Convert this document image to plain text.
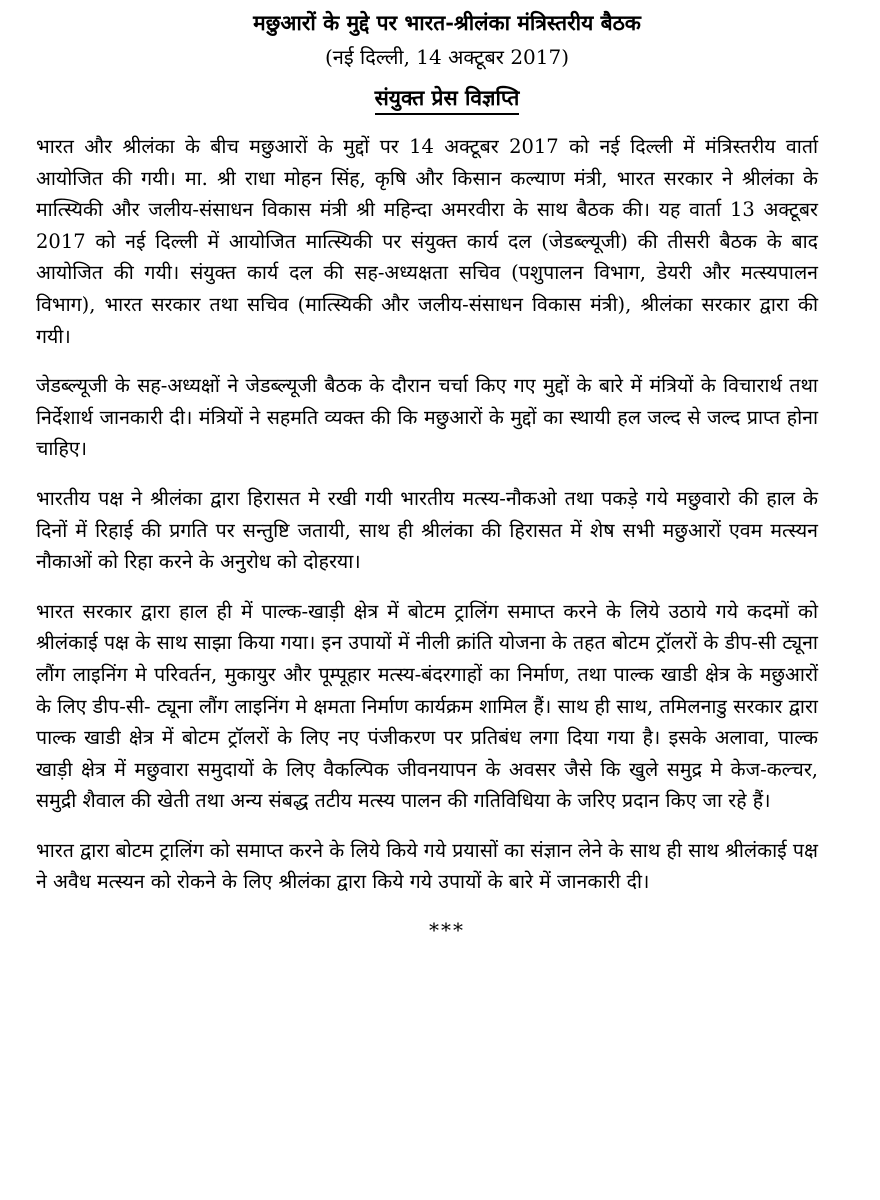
मछुआरों के मुद्दे पर भारत-श्रीलंका मंत्रिस्तरीय बैठक

(नई दिल्ली, 14 अक्टूबर 2017)

संयुक्त प्रेस विज्ञप्ति

भारत और श्रीलंका के बीच मछुआरों के मुद्दों पर 14 अक्टूबर 2017 को नई दिल्ली में मंत्रिस्तरीय वार्ता आयोजित की गयी। मा. श्री राधा मोहन सिंह, कृषि और किसान कल्याण मंत्री, भारत सरकार ने श्रीलंका के मात्स्यिकी और जलीय-संसाधन विकास मंत्री श्री महिन्दा अमरवीरा के साथ बैठक की। यह वार्ता 13 अक्टूबर 2017 को नई दिल्ली में आयोजित मात्स्यिकी पर संयुक्त कार्य दल (जेडब्ल्यूजी) की तीसरी बैठक के बाद आयोजित की गयी। संयुक्त कार्य दल की सह-अध्यक्षता सचिव (पशुपालन विभाग, डेयरी और मत्स्यपालन विभाग), भारत सरकार तथा सचिव (मात्स्यिकी और जलीय-संसाधन विकास मंत्री), श्रीलंका सरकार द्वारा की गयी।

जेडब्ल्यूजी के सह-अध्यक्षों ने जेडब्ल्यूजी बैठक के दौरान चर्चा किए गए मुद्दों के बारे में मंत्रियों के विचारार्थ तथा निर्देशार्थ जानकारी दी। मंत्रियों ने सहमति व्यक्त की कि मछुआरों के मुद्दों का स्थायी हल जल्द से जल्द प्राप्त होना चाहिए।

भारतीय पक्ष ने श्रीलंका द्वारा हिरासत मे रखी गयी भारतीय मत्स्य-नौकओ तथा पकड़े गये मछुवारो की हाल के दिनों में रिहाई की प्रगति पर सन्तुष्टि जतायी, साथ ही श्रीलंका की हिरासत में शेष सभी मछुआरों एवम मत्स्यन नौकाओं को रिहा करने के अनुरोध को दोहरया।

भारत सरकार द्वारा हाल ही में पाल्क-खाड़ी क्षेत्र में बोटम ट्रालिंग समाप्त करने के लिये उठाये गये कदमों को श्रीलंकाई पक्ष के साथ साझा किया गया। इन उपायों में नीली क्रांति योजना के तहत बोटम ट्रॉलरों के डीप-सी ट्यूना लौंग लाइनिंग मे परिवर्तन, मुकायुर और पूम्पूहार मत्स्य-बंदरगाहों का निर्माण, तथा पाल्क खाडी क्षेत्र के मछुआरों के लिए डीप-सी- ट्यूना लौंग लाइनिंग मे क्षमता निर्माण कार्यक्रम शामिल हैं। साथ ही साथ, तमिलनाडु सरकार द्वारा पाल्क खाडी क्षेत्र में बोटम ट्रॉलरों के लिए नए पंजीकरण पर प्रतिबंध लगा दिया गया है। इसके अलावा, पाल्क खाड़ी क्षेत्र में मछुवारा समुदायों के लिए वैकल्पिक जीवनयापन के अवसर जैसे कि खुले समुद्र मे केज-कल्चर, समुद्री शैवाल की खेती तथा अन्य संबद्ध तटीय मत्स्य पालन की गतिविधिया के जरिए प्रदान किए जा रहे हैं।

भारत द्वारा बोटम ट्रालिंग को समाप्त करने के लिये किये गये प्रयासों का संज्ञान लेने के साथ ही साथ श्रीलंकाई पक्ष ने अवैध मत्स्यन को रोकने के लिए श्रीलंका द्वारा किये गये उपायों के बारे में जानकारी दी।

***
